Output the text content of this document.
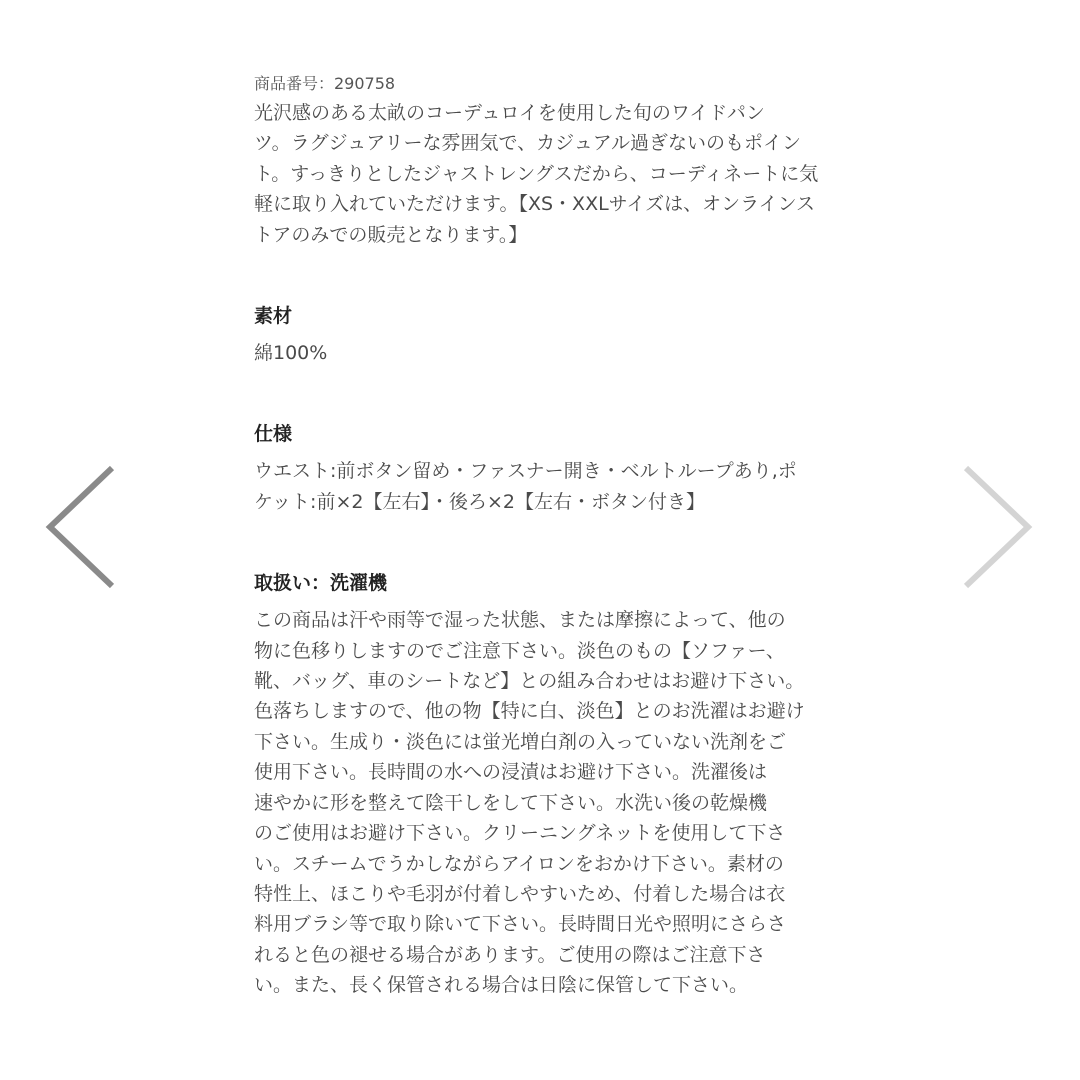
商品番号：290758

光沢感のある太畝のコーデュロイを使用した旬のワイドパン
ツ。ラグジュアリーな雰囲気で、カジュアル過ぎないのもポイン
ト。すっきりとしたジャストレングスだから、コーディネートに気
軽に取り入れていただけます。【XS・XXLサイズは、オンラインス
トアのみでの販売となります。】
素材
綿100%
仕様
ウエスト:前ボタン留め・ファスナー開き・ベルトループあり,ポ
ケット:前×2【左右】・後ろ×2【左右・ボタン付き】
取扱い：洗濯機
この商品は汗や雨等で湿った状態、または摩擦によって、他の
物に色移りしますのでご注意下さい。淡色のもの【ソファー、
靴、バッグ、車のシートなど】との組み合わせはお避け下さい。
色落ちしますので、他の物【特に白、淡色】とのお洗濯はお避け
下さい。生成り・淡色には蛍光増白剤の入っていない洗剤をご
使用下さい。長時間の水への浸漬はお避け下さい。洗濯後は
速やかに形を整えて陰干しをして下さい。水洗い後の乾燥機
のご使用はお避け下さい。クリーニングネットを使用して下さ
い。スチームでうかしながらアイロンをおかけ下さい。素材の
特性上、ほこりや毛羽が付着しやすいため、付着した場合は衣
料用ブラシ等で取り除いて下さい。長時間日光や照明にさらさ
れると色の褪せる場合があります。ご使用の際はご注意下さ
い。また、長く保管される場合は日陰に保管して下さい。
